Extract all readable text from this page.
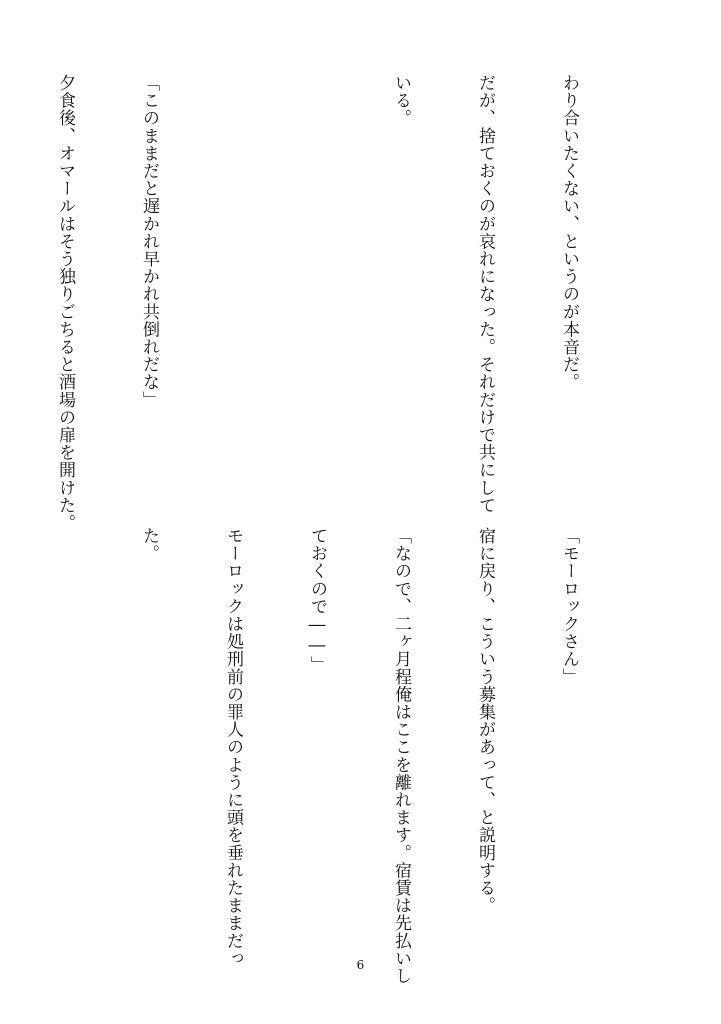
わり合いたくない、というのが本音だ。

だが、捨ておくのが哀れになった。それだけで共にして

いる。

「このままだと遅かれ早かれ共倒れだな」

夕食後、オマールはそう独りごちると酒場の扉を開けた。

「モーロックさん」

宿に戻り、こういう募集があって、と説明する。

「なので、二ヶ月程俺はここを離れます。宿賃は先払いし

ておくので――」

モーロックは処刑前の罪人のように頭を垂れたままだっ

た。

6
